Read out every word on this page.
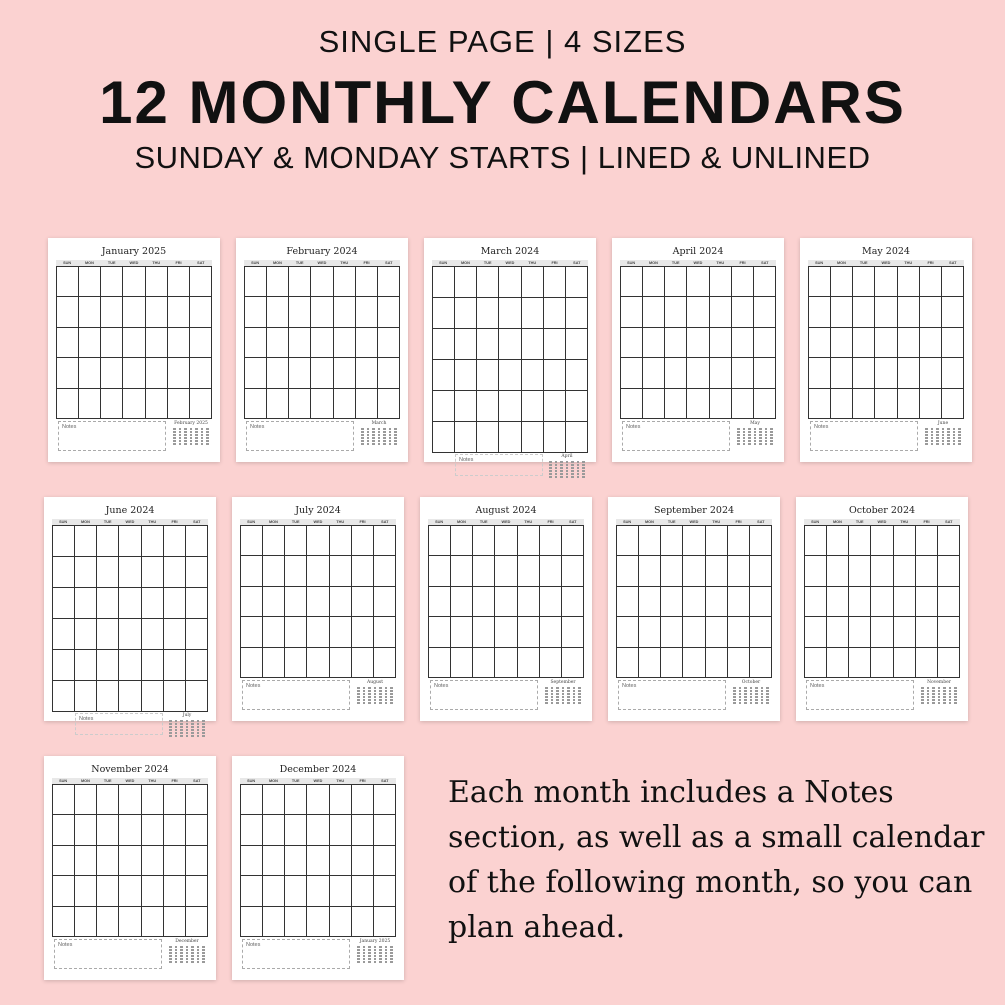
SINGLE PAGE | 4 SIZES
12 MONTHLY CALENDARS
SUNDAY & MONDAY STARTS | LINED & UNLINED
January 2025
SUN	MON	TUE	WED	THU	FRI	SAT
Notes
February 2025
February 2024
SUN	MON	TUE	WED	THU	FRI	SAT
Notes
March
March 2024
SUN	MON	TUE	WED	THU	FRI	SAT
Notes
April
April 2024
SUN	MON	TUE	WED	THU	FRI	SAT
Notes
May
May 2024
SUN	MON	TUE	WED	THU	FRI	SAT
Notes
June
June 2024
SUN	MON	TUE	WED	THU	FRI	SAT
Notes
July
July 2024
SUN	MON	TUE	WED	THU	FRI	SAT
Notes
August
August 2024
SUN	MON	TUE	WED	THU	FRI	SAT
Notes
September
September 2024
SUN	MON	TUE	WED	THU	FRI	SAT
Notes
October
October 2024
SUN	MON	TUE	WED	THU	FRI	SAT
Notes
November
November 2024
SUN	MON	TUE	WED	THU	FRI	SAT
Notes
December
December 2024
SUN	MON	TUE	WED	THU	FRI	SAT
Notes
January 2025
Each month includes a Notes section, as well as a small calendar of the following month, so you can plan ahead.
